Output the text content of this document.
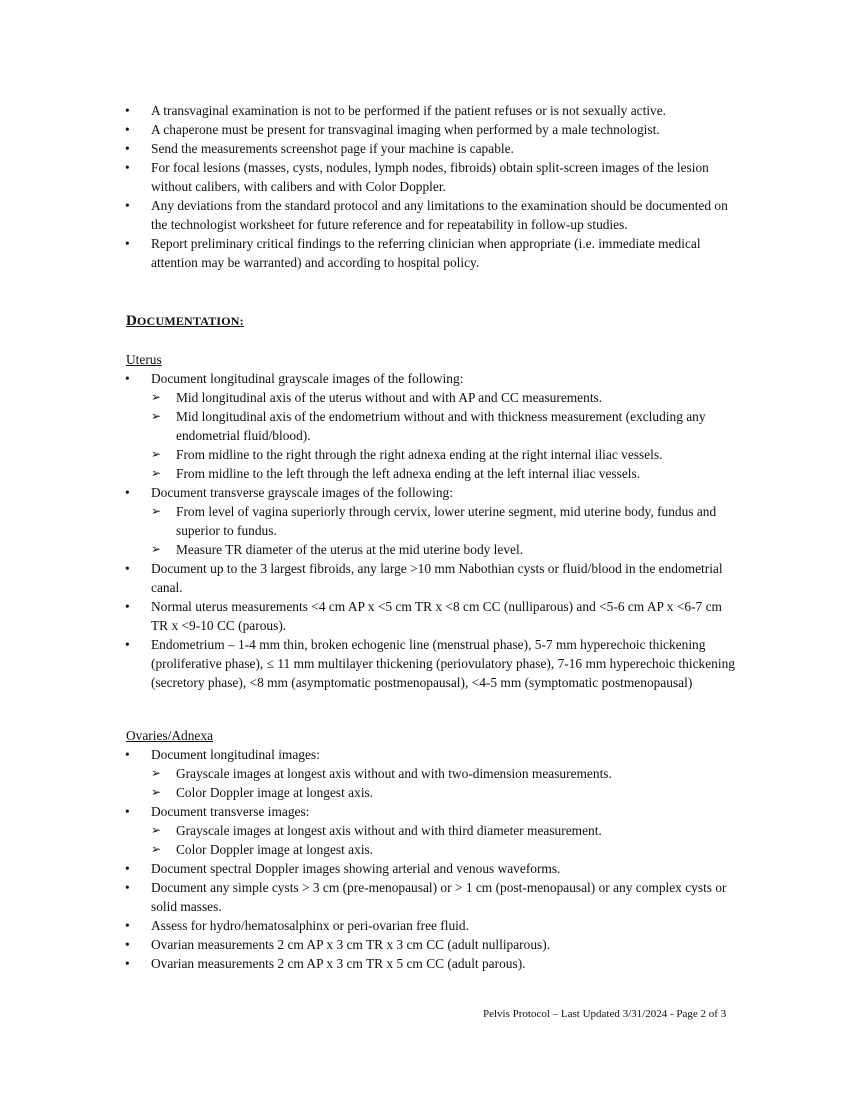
•	A transvaginal examination is not to be performed if the patient refuses or is not sexually active.
•	A chaperone must be present for transvaginal imaging when performed by a male technologist.
•	Send the measurements screenshot page if your machine is capable.
•	For focal lesions (masses, cysts, nodules, lymph nodes, fibroids) obtain split-screen images of the lesion without calibers, with calibers and with Color Doppler.
•	Any deviations from the standard protocol and any limitations to the examination should be documented on the technologist worksheet for future reference and for repeatability in follow-up studies.
•	Report preliminary critical findings to the referring clinician when appropriate (i.e. immediate medical attention may be warranted) and according to hospital policy.
DOCUMENTATION:
Uterus
•	Document longitudinal grayscale images of the following:
➢ Mid longitudinal axis of the uterus without and with AP and CC measurements.
➢ Mid longitudinal axis of the endometrium without and with thickness measurement (excluding any endometrial fluid/blood).
➢ From midline to the right through the right adnexa ending at the right internal iliac vessels.
➢ From midline to the left through the left adnexa ending at the left internal iliac vessels.
•	Document transverse grayscale images of the following:
➢ From level of vagina superiorly through cervix, lower uterine segment, mid uterine body, fundus and superior to fundus.
➢ Measure TR diameter of the uterus at the mid uterine body level.
•	Document up to the 3 largest fibroids, any large >10 mm Nabothian cysts or fluid/blood in the endometrial canal.
•	Normal uterus measurements <4 cm AP x <5 cm TR x <8 cm CC (nulliparous) and <5-6 cm AP x <6-7 cm TR x <9-10 CC (parous).
•	Endometrium – 1-4 mm thin, broken echogenic line (menstrual phase), 5-7 mm hyperechoic thickening (proliferative phase), ≤ 11 mm multilayer thickening (periovulatory phase), 7-16 mm hyperechoic thickening (secretory phase), <8 mm (asymptomatic postmenopausal), <4-5 mm (symptomatic postmenopausal)
Ovaries/Adnexa
•	Document longitudinal images:
➢ Grayscale images at longest axis without and with two-dimension measurements.
➢ Color Doppler image at longest axis.
•	Document transverse images:
➢ Grayscale images at longest axis without and with third diameter measurement.
➢ Color Doppler image at longest axis.
•	Document spectral Doppler images showing arterial and venous waveforms.
•	Document any simple cysts > 3 cm (pre-menopausal) or > 1 cm (post-menopausal) or any complex cysts or solid masses.
•	Assess for hydro/hematosalphinx or peri-ovarian free fluid.
•	Ovarian measurements 2 cm AP x 3 cm TR x 3 cm CC (adult nulliparous).
•	Ovarian measurements 2 cm AP x 3 cm TR x 5 cm CC (adult parous).
Pelvis Protocol – Last Updated 3/31/2024 - Page 2 of 3
